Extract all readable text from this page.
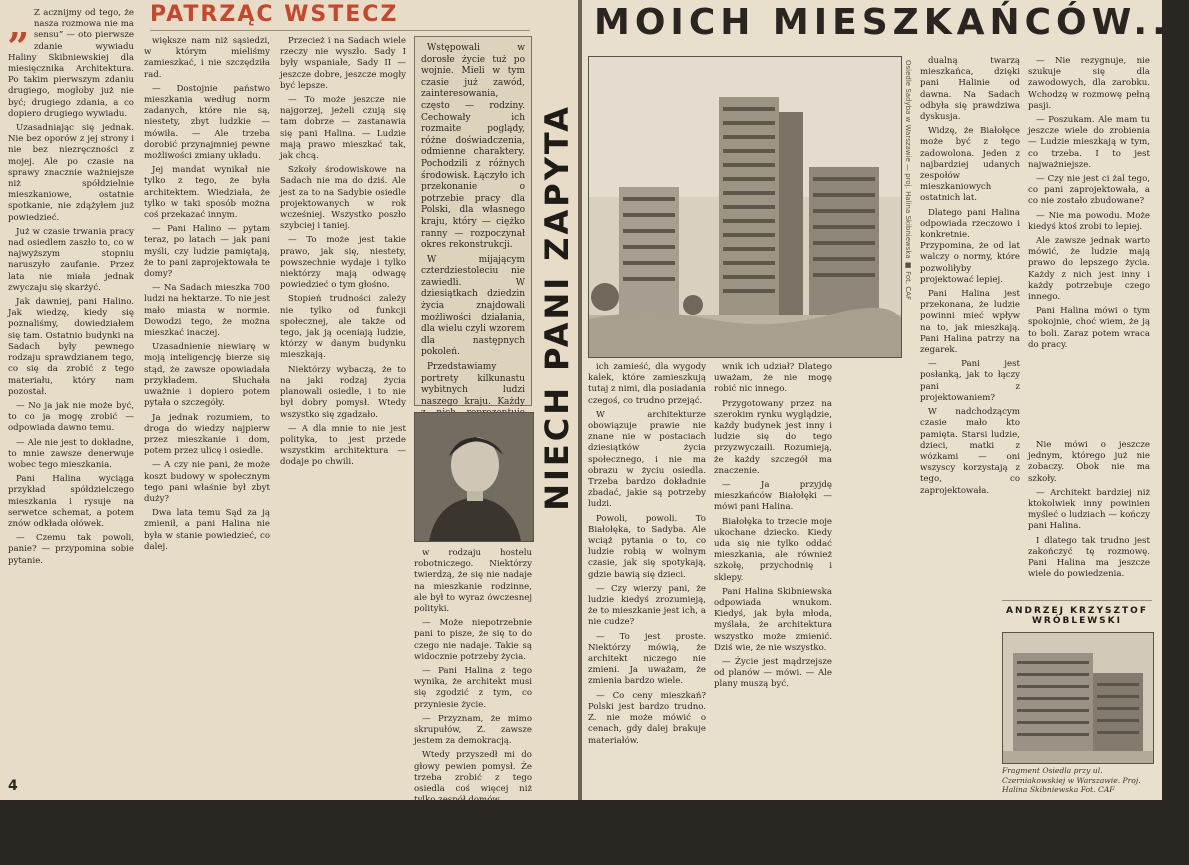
PATRZĄC WSTECZ

„ Z acznijmy od tego, że nasza rozmowa nie ma sensu” — oto pierwsze zdanie wywiadu Haliny Skibniewskiej dla miesięcznika Architektura. Po takim pierwszym zdaniu drugiego, mogłoby już nie być; drugiego zdania, a co dopiero drugiego wywiadu.

Uzasadniając się jednak. Nie bez oporów z jej strony i nie bez niezręczności z mojej. Ale po czasie na sprawy znacznie ważniejsze niż spółdzielnie mieszkaniowe, ostatnie spotkanie, nie zdążyłem już powiedzieć.

Już w czasie trwania pracy nad osiedlem zaszło to, co w najwyższym stopniu naruszyło zaufanie. Przez lata nie miała jednak zwyczaju się skarżyć.

Jak dawniej, pani Halino. Jak wiedzę, kiedy się poznaliśmy, dowiedziałem się tam. Ostatnio budynki na Sadach były pewnego rodzaju sprawdzianem tego, co się da zrobić z tego materiału, który nam pozostał.

— No ja jak nie może być, to co ja mogę zrobić — odpowiada dawno temu.

— Ale nie jest to dokładne, to mnie zawsze denerwuje wobec tego mieszkania.

Pani Halina wyciąga przykład spółdzielczego mieszkania i rysuje na serwetce schemat, a potem znów odkłada ołówek.

— Czemu tak powoli, panie? — przypomina sobie pytanie.

większe nam niż sąsiedzi, w którym mieliśmy zamieszkać, i nie szczędziła rad.

— Dostojnie państwo mieszkania według norm zadanych, które nie są, niestety, zbyt ludzkie — mówiła. — Ale trzeba dorobić przynajmniej pewne możliwości zmiany układu.

Jej mandat wynikał nie tylko z tego, że była architektem. Wiedziała, że tylko w taki sposób można coś przekazać innym.

— Pani Halino — pytam teraz, po latach — jak pani myśli, czy ludzie pamiętają, że to pani zaprojektowała te domy?

— Na Sadach mieszka 700 ludzi na hektarze. To nie jest mało miasta w normie. Dowodzi tego, że można mieszkać inaczej.

Uzasadnienie niewiarę w moją inteligencję bierze się stąd, że zawsze opowiadała przykładem. Słuchała uważnie i dopiero potem pytała o szczegóły.

Ja jednak rozumiem, to droga do wiedzy najpierw przez mieszkanie i dom, potem przez ulicę i osiedle.

— A czy nie pani, że może koszt budowy w społecznym tego pani właśnie był zbyt duży?

Dwa lata temu Sąd za ją zmienił, a pani Halina nie była w stanie powiedzieć, co dalej.

Przecież i na Sadach wiele rzeczy nie wyszło. Sady I były wspaniałe, Sady II — jeszcze dobre, jeszcze mogły być lepsze.

— To może jeszcze nie najgorzej, jeżeli czują się tam dobrze — zastanawia się pani Halina. — Ludzie mają prawo mieszkać tak, jak chcą.

Szkoły środowiskowe na Sadach nie ma do dziś. Ale jest za to na Sadybie osiedle projektowanych w rok wcześniej. Wszystko poszło szybciej i taniej.

— To może jest takie prawo, jak się, niestety, powszechnie wydaje i tylko niektórzy mają odwagę powiedzieć o tym głośno.

Stopień trudności zależy nie tylko od funkcji społecznej, ale także od tego, jak ją oceniają ludzie, którzy w danym budynku mieszkają.

Niektórzy wybaczą, że to na jaki rodzaj życia planowali osiedle, i to nie był dobry pomysł. Wtedy wszystko się zgadzało.

— A dla mnie to nie jest polityka, to jest przede wszystkim architektura — dodaje po chwili.

Wstępowali w dorosłe życie tuż po wojnie. Mieli w tym czasie już zawód, zainteresowania, często — rodziny. Cechowały ich rozmaite poglądy, różne doświadczenia, odmienne charaktery. Pochodzili z różnych środowisk. Łączyło ich przekonanie o potrzebie pracy dla Polski, dla własnego kraju, który — ciężko ranny — rozpoczynał okres rekonstrukcji.

W mijającym czterdziestoleciu nie zawiedli. W dziesiątkach dziedzin życia znajdowali możliwości działania, dla wielu czyli wzorem dla następnych pokoleń.

Przedstawiamy portrety kilkunastu wybitnych ludzi naszego kraju. Każdy

w rodzaju hostelu robotniczego. Niektórzy twierdzą, że się nie nadaje na mieszkanie rodzinne, ale był to wyraz ówczesnej polityki.

— Może niepotrzebnie pani to pisze, że się to do czego nie nadaje. Takie są widocznie potrzeby życia.

— Pani Halina z tego wynika, że architekt musi się zgodzić z tym, co przyniesie życie.

— Przyznam, że mimo skrupułów, Z. zawsze jestem za demokracją.

Wtedy przyszedł mi do głowy pewien pomysł. Że trzeba zrobić z tego osiedla coś więcej niż tylko zespół domów.

— Jeżeli ludzie chcą mieszkać bliżej siebie, to znaczy, że taka jest potrzeba i nie wolno tego lekceważyć.

NIECH PANI ZAPYTA
4
MOICH MIESZKAŃCÓW...
Osiedle Sadyba w Warszawie — proj. Halina Skibniewska ■ Fot. CAF

ich zamieść, dla wygody kalek, które zamieszkują tutaj z nimi, dla posiadania czegoś, co trudno przejąć.

W architekturze obowiązuje prawie nie znane nie w postaciach dziesiątków życia społecznego, i nie ma obrazu w życiu osiedla. Trzeba bardzo dokładnie zbadać, jakie są potrzeby ludzi.

Powoli, powoli. To Białołęka, to Sadyba. Ale wciąż pytania o to, co ludzie robią w wolnym czasie, jak się spotykają, gdzie bawią się dzieci.

— Czy wierzy pani, że ludzie kiedyś zrozumieją, że to mieszkanie jest ich, a nie cudze?

— To jest proste. Niektórzy mówią, że architekt niczego nie zmieni. Ja uważam, że zmienia bardzo wiele.

— Co ceny mieszkań? Polski jest bardzo trudno. Z. nie może mówić o cenach, gdy dalej brakuje materiałów.

wnik ich udział? Dlatego uważam, że nie mogę robić nic innego.

Przygotowany przez na szerokim rynku wyglądzie, każdy budynek jest inny i ludzie się do tego przyzwyczaili. Rozumieją, że każdy szczegół ma znaczenie.

— Ja przyjdę mieszkańców Białołęki — mówi pani Halina.

Białołęka to trzecie moje ukochane dziecko. Kiedy uda się nie tylko oddać mieszkania, ale również szkołę, przychodnię i sklepy.

Pani Halina Skibniewska odpowiada wnukom. Kiedyś, jak była młoda, myślała, że architektura wszystko może zmienić. Dziś wie, że nie wszystko.

— Życie jest mądrzejsze od planów — mówi. — Ale plany muszą być.

dualną twarzą mieszkańca, dzięki pani Halinie od dawna. Na Sadach odbyła się prawdziwa dyskusja.

Widzę, że Białołęce może być z tego zadowolona. Jeden z najbardziej udanych zespołów mieszkaniowych ostatnich lat.

Dlatego pani Halina odpowiada rzeczowo i konkretnie. Przypomina, że od lat walczy o normy, które pozwoliłyby projektować lepiej.

Pani Halina jest przekonana, że ludzie powinni mieć wpływ na to, jak mieszkają. Pani Halina patrzy na zegarek.

— Pani jest posłanką, jak to łączy pani z projektowaniem?

W nadchodzącym czasie mało kto pamięta. Starsi ludzie, dzieci, matki z wózkami — oni wszyscy korzystają z tego, co zaprojektowała.

— Nie rezygnuje, nie szukuje się dla zawodowych, dla zarobku. Wchodzę w rozmowę pełną pasji.

— Poszukam. Ale mam tu jeszcze wiele do zrobienia — Ludzie mieszkają w tym, co trzeba. I to jest najważniejsze.

— Czy nie jest ci żal tego, co pani zaprojektowała, a co nie zostało zbudowane?

— Nie ma powodu. Może kiedyś ktoś zrobi to lepiej.

Ale zawsze jednak warto mówić, że ludzie mają prawo do lepszego życia. Każdy z nich jest inny i każdy potrzebuje czego innego.

Pani Halina mówi o tym spokojnie, choć wiem, że ją to boli. Zaraz potem wraca do pracy.

Nie mówi o jeszcze jednym, którego już nie zobaczy. Obok nie ma szkoły.

— Architekt bardziej niż ktokolwiek inny powinien myśleć o ludziach — kończy pani Halina.

I dlatego tak trudno jest zakończyć tę rozmowę. Pani Halina ma jeszcze wiele do powiedzenia.

ANDRZEJ KRZYSZTOF WRÓBLEWSKI
Fragment Osiedla przy ul. Czerniakowskiej w Warszawie. Proj. Halina Skibniewska Fot. CAF
